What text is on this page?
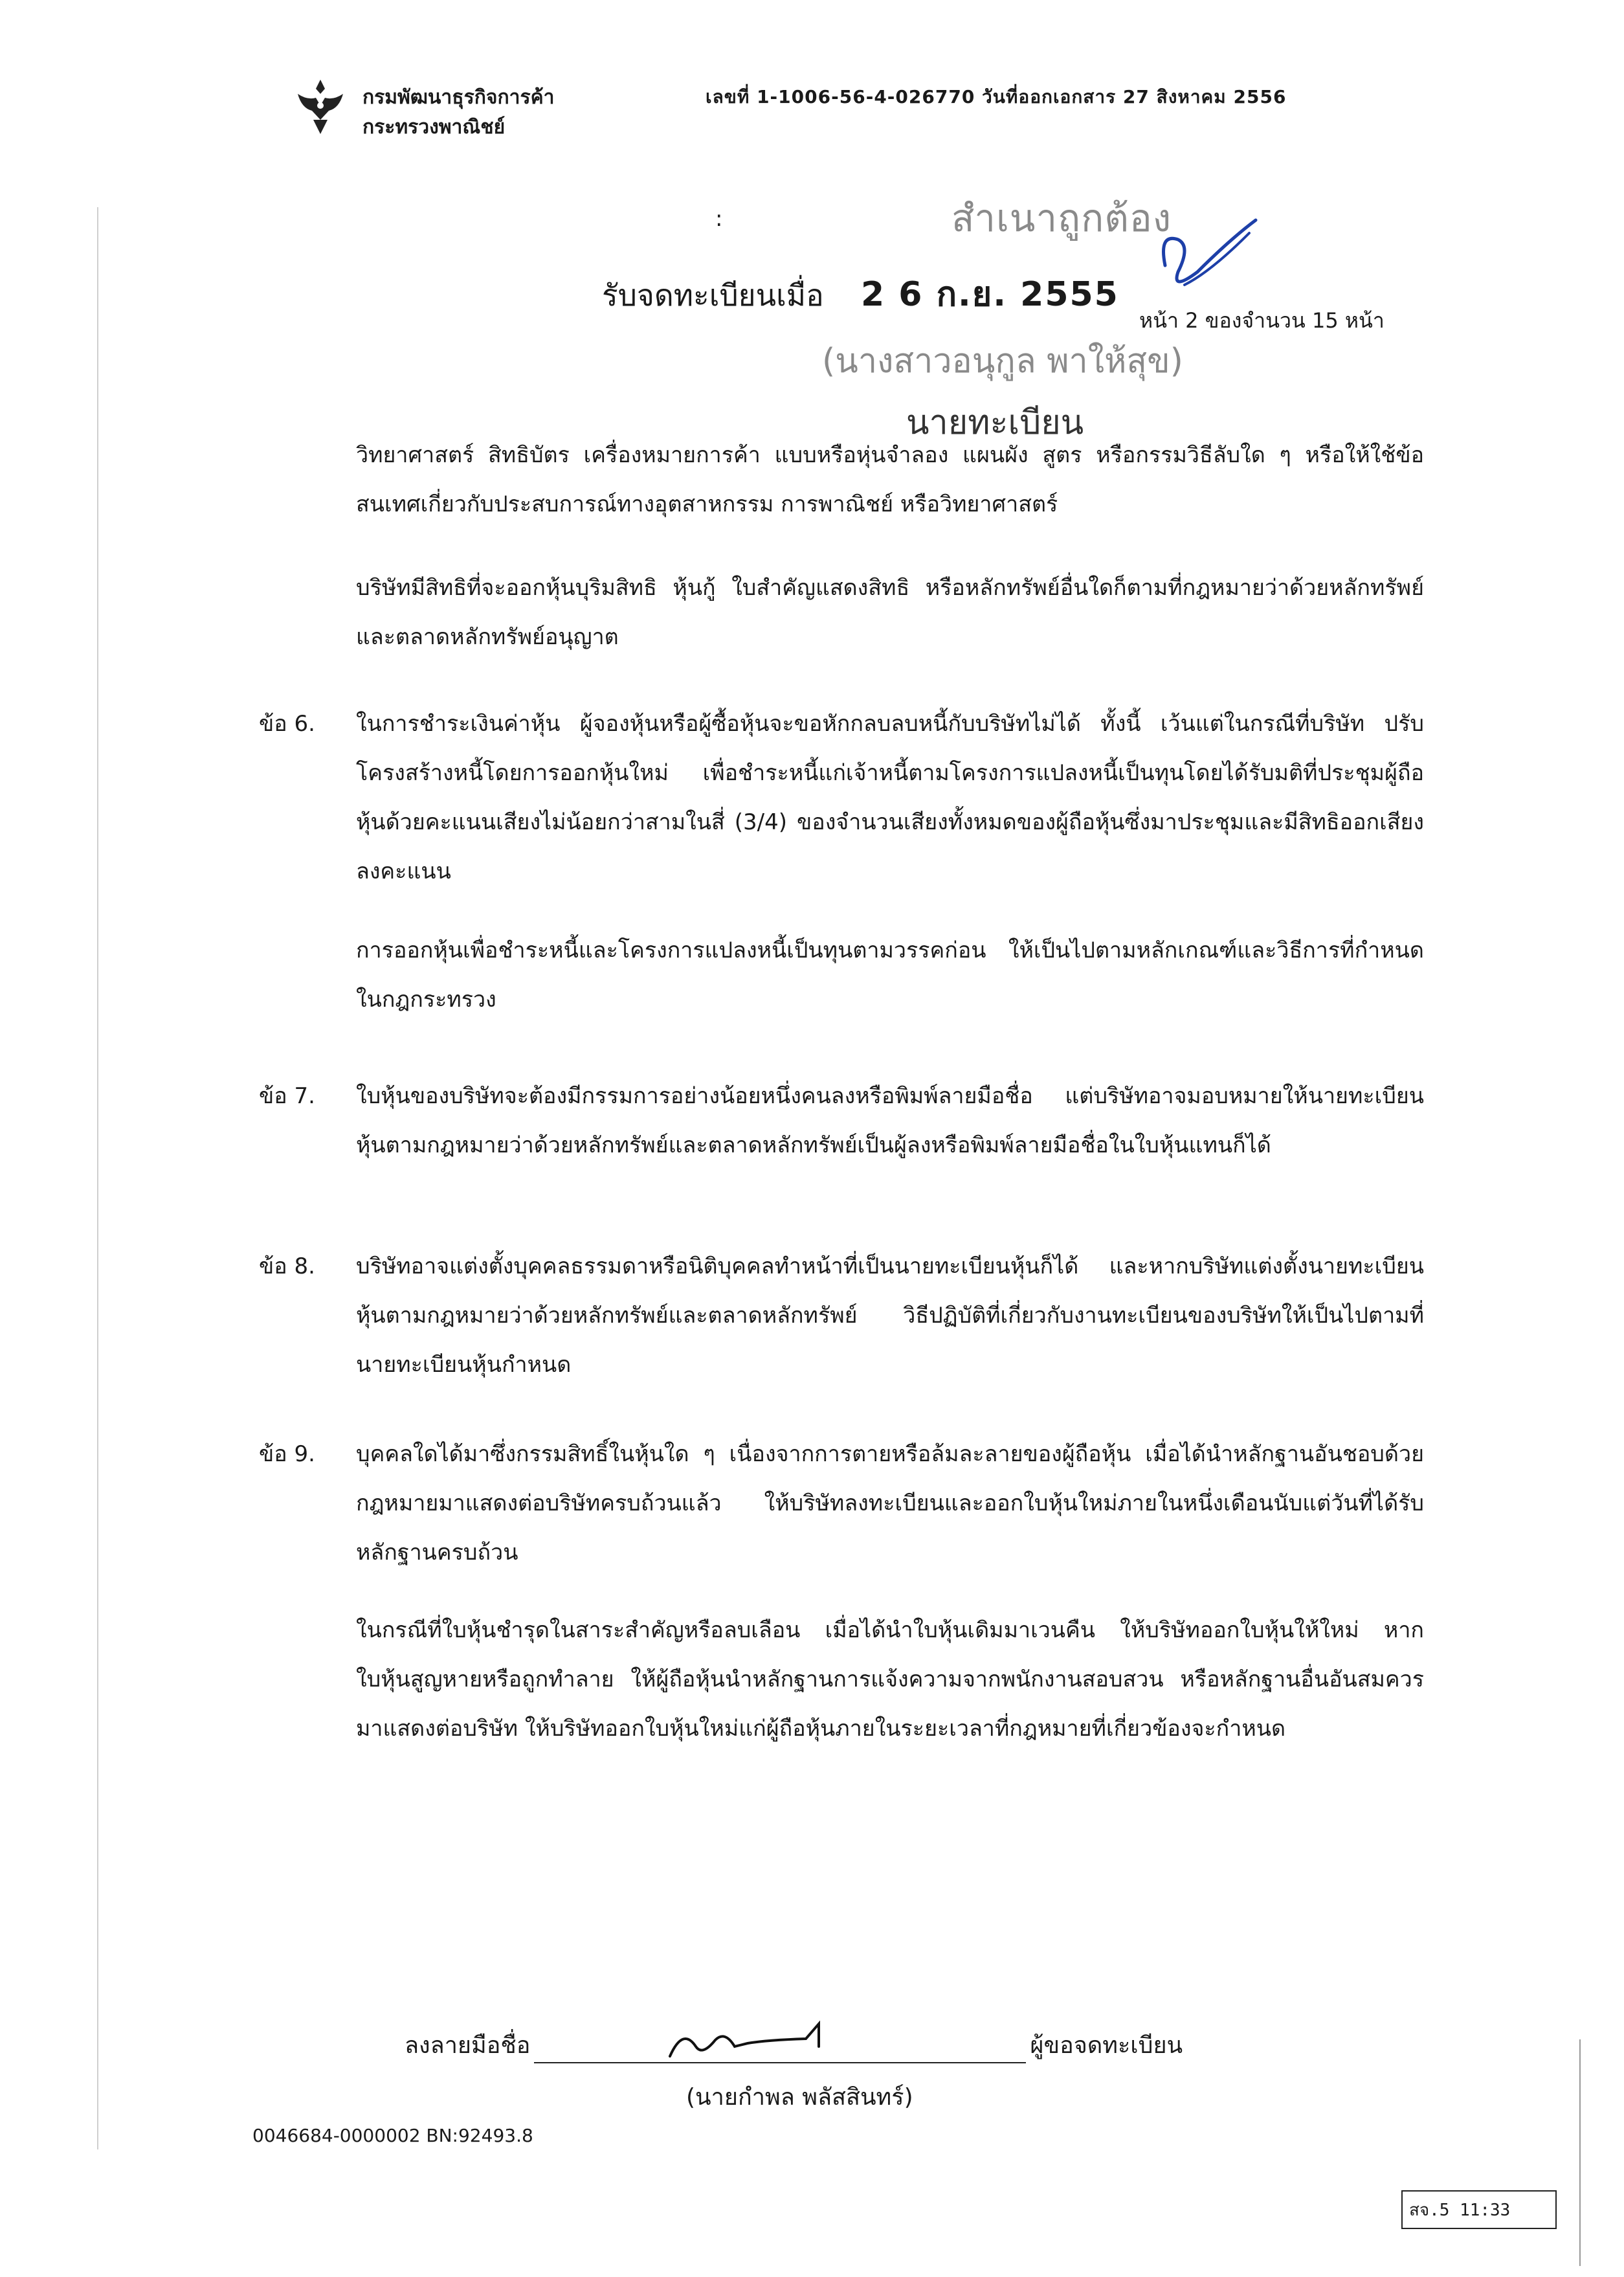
กรมพัฒนาธุรกิจการค้า
กระทรวงพาณิชย์
เลขที่ 1-1006-56-4-026770 วันที่ออกเอกสาร 27 สิงหาคม 2556
:	สำเนาถูกต้อง
รับจดทะเบียนเมื่อ 2 6 ก.ย. 2555
หน้า 2 ของจำนวน 15 หน้า
(นางสาวอนุกูล พาให้สุข)
นายทะเบียน
วิทยาศาสตร์ สิทธิบัตร เครื่องหมายการค้า แบบหรือหุ่นจำลอง แผนผัง สูตร หรือกรรมวิธีลับใด ๆ หรือให้ใช้ข้อสนเทศเกี่ยวกับประสบการณ์ทางอุตสาหกรรม การพาณิชย์ หรือวิทยาศาสตร์
บริษัทมีสิทธิที่จะออกหุ้นบุริมสิทธิ หุ้นกู้ ใบสำคัญแสดงสิทธิ หรือหลักทรัพย์อื่นใดก็ตามที่กฎหมายว่าด้วยหลักทรัพย์และตลาดหลักทรัพย์อนุญาต
ข้อ 6. ในการชำระเงินค่าหุ้น ผู้จองหุ้นหรือผู้ซื้อหุ้นจะขอหักกลบลบหนี้กับบริษัทไม่ได้ ทั้งนี้ เว้นแต่ในกรณีที่บริษัท ปรับโครงสร้างหนี้โดยการออกหุ้นใหม่ เพื่อชำระหนี้แก่เจ้าหนี้ตามโครงการแปลงหนี้เป็นทุนโดยได้รับมติที่ประชุมผู้ถือหุ้นด้วยคะแนนเสียงไม่น้อยกว่าสามในสี่ (3/4) ของจำนวนเสียงทั้งหมดของผู้ถือหุ้นซึ่งมาประชุมและมีสิทธิออกเสียงลงคะแนน
การออกหุ้นเพื่อชำระหนี้และโครงการแปลงหนี้เป็นทุนตามวรรคก่อน ให้เป็นไปตามหลักเกณฑ์และวิธีการที่กำหนดในกฎกระทรวง
ข้อ 7. ใบหุ้นของบริษัทจะต้องมีกรรมการอย่างน้อยหนึ่งคนลงหรือพิมพ์ลายมือชื่อ แต่บริษัทอาจมอบหมายให้นายทะเบียนหุ้นตามกฎหมายว่าด้วยหลักทรัพย์และตลาดหลักทรัพย์เป็นผู้ลงหรือพิมพ์ลายมือชื่อในใบหุ้นแทนก็ได้
ข้อ 8. บริษัทอาจแต่งตั้งบุคคลธรรมดาหรือนิติบุคคลทำหน้าที่เป็นนายทะเบียนหุ้นก็ได้ และหากบริษัทแต่งตั้งนายทะเบียนหุ้นตามกฎหมายว่าด้วยหลักทรัพย์และตลาดหลักทรัพย์ วิธีปฏิบัติที่เกี่ยวกับงานทะเบียนของบริษัทให้เป็นไปตามที่นายทะเบียนหุ้นกำหนด
ข้อ 9. บุคคลใดได้มาซึ่งกรรมสิทธิ์ในหุ้นใด ๆ เนื่องจากการตายหรือล้มละลายของผู้ถือหุ้น เมื่อได้นำหลักฐานอันชอบด้วยกฎหมายมาแสดงต่อบริษัทครบถ้วนแล้ว ให้บริษัทลงทะเบียนและออกใบหุ้นใหม่ภายในหนึ่งเดือนนับแต่วันที่ได้รับหลักฐานครบถ้วน
ในกรณีที่ใบหุ้นชำรุดในสาระสำคัญหรือลบเลือน เมื่อได้นำใบหุ้นเดิมมาเวนคืน ให้บริษัทออกใบหุ้นให้ใหม่ หากใบหุ้นสูญหายหรือถูกทำลาย ให้ผู้ถือหุ้นนำหลักฐานการแจ้งความจากพนักงานสอบสวน หรือหลักฐานอื่นอันสมควรมาแสดงต่อบริษัท ให้บริษัทออกใบหุ้นใหม่แก่ผู้ถือหุ้นภายในระยะเวลาที่กฎหมายที่เกี่ยวข้องจะกำหนด
ลงลายมือชื่อ	ผู้ขอจดทะเบียน
(นายกำพล พลัสสินทร์)
0046684-0000002 BN:92493.8
สจ.5 11:33
